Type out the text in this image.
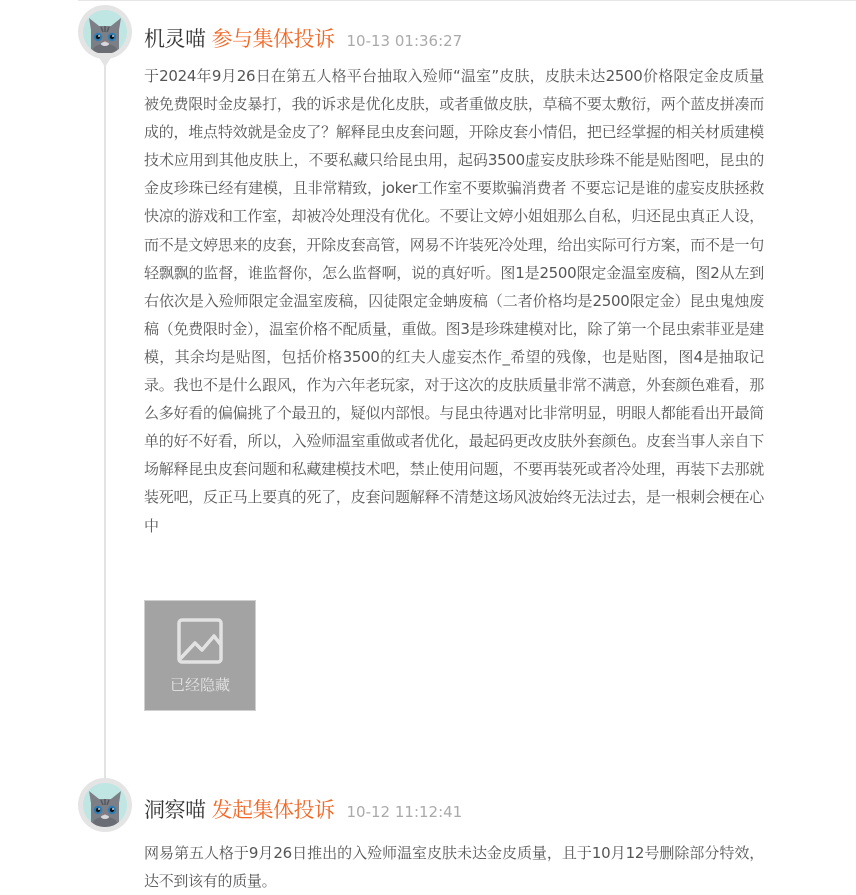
机灵喵 参与集体投诉 10-13 01:36:27
于2024年9月26日在第五人格平台抽取入殓师“温室”皮肤，皮肤未达2500价格限定金皮质量 被免费限时金皮暴打，我的诉求是优化皮肤，或者重做皮肤，草稿不要太敷衍，两个蓝皮拼凑而成的，堆点特效就是金皮了？解释昆虫皮套问题，开除皮套小情侣，把已经掌握的相关材质建模技术应用到其他皮肤上，不要私藏只给昆虫用，起码3500虚妄皮肤珍珠不能是贴图吧，昆虫的金皮珍珠已经有建模，且非常精致，joker工作室不要欺骗消费者 不要忘记是谁的虚妄皮肤拯救快凉的游戏和工作室，却被冷处理没有优化。不要让文婷小姐姐那么自私，归还昆虫真正人设，而不是文婷思来的皮套，开除皮套高管，网易不许装死冷处理，给出实际可行方案，而不是一句轻飘飘的监督，谁监督你，怎么监督啊，说的真好听。图1是2500限定金温室废稿，图2从左到右依次是入殓师限定金温室废稿，囚徒限定金蚺废稿（二者价格均是2500限定金）昆虫鬼烛废稿（免费限时金），温室价格不配质量，重做。图3是珍珠建模对比，除了第一个昆虫索菲亚是建模，其余均是贴图，包括价格3500的红夫人虚妄杰作_希望的残像，也是贴图，图4是抽取记录。我也不是什么跟风，作为六年老玩家，对于这次的皮肤质量非常不满意，外套颜色难看，那么多好看的偏偏挑了个最丑的，疑似内部恨。与昆虫待遇对比非常明显，明眼人都能看出开最简单的好不好看，所以，入殓师温室重做或者优化，最起码更改皮肤外套颜色。皮套当事人亲自下场解释昆虫皮套问题和私藏建模技术吧，禁止使用问题，不要再装死或者冷处理，再装下去那就装死吧，反正马上要真的死了，皮套问题解释不清楚这场风波始终无法过去，是一根刺会梗在心中
已经隐藏
洞察喵 发起集体投诉 10-12 11:12:41
网易第五人格于9月26日推出的入殓师温室皮肤未达金皮质量，且于10月12号删除部分特效，达不到该有的质量。
